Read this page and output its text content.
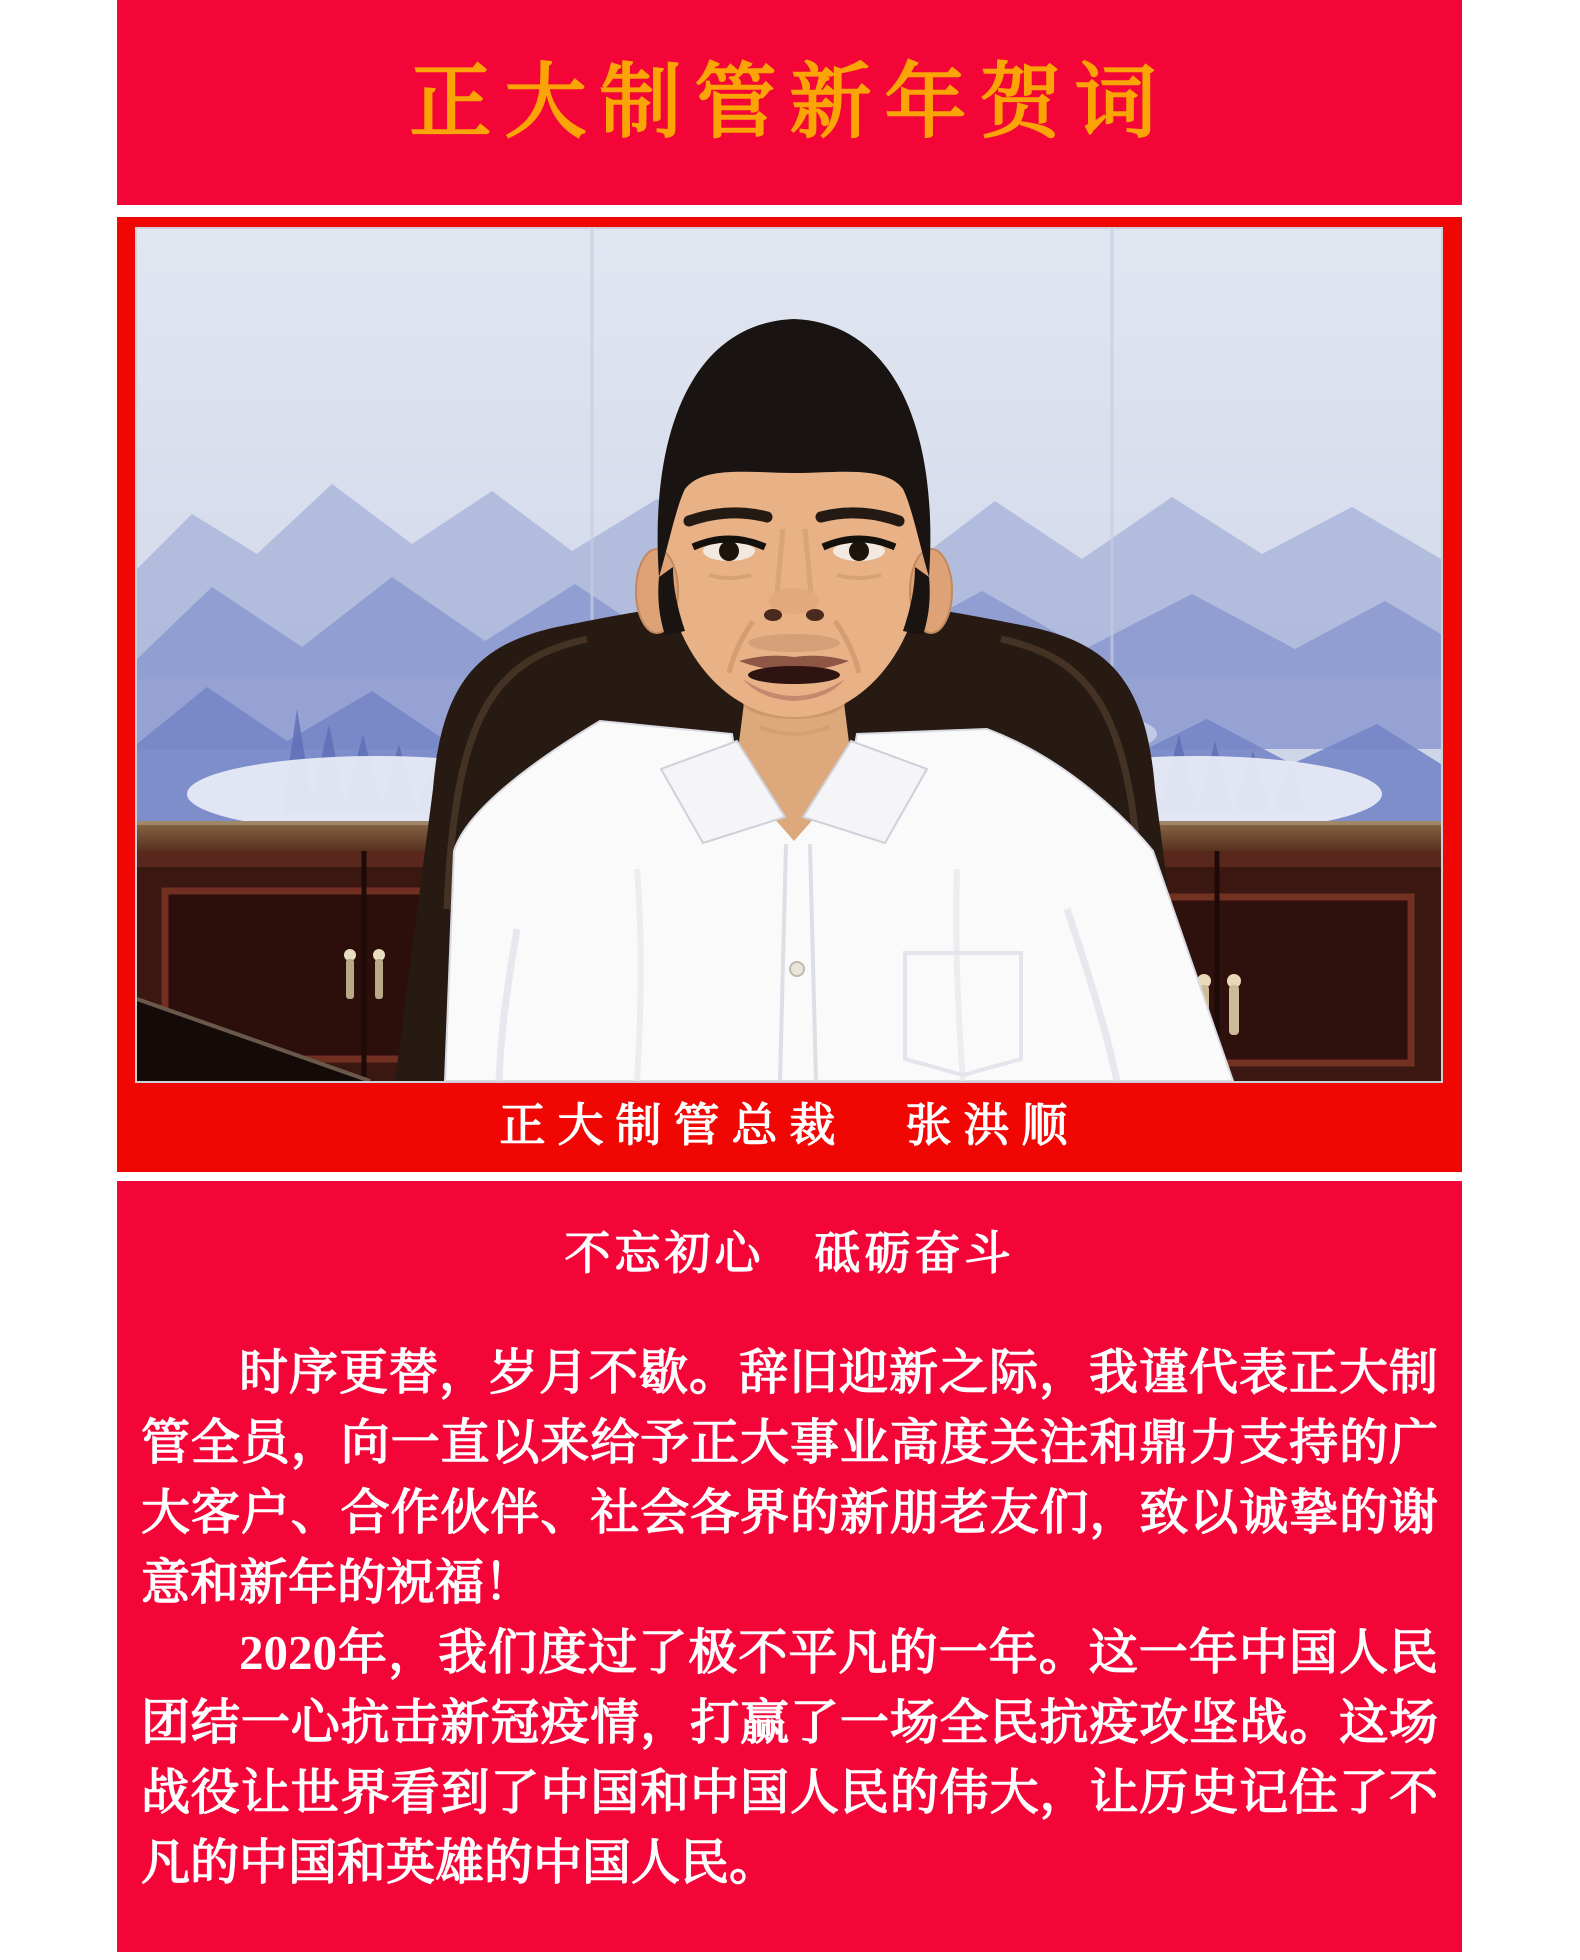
正大制管新年贺词
正大制管总裁　张洪顺
不忘初心　砥砺奋斗

时序更替，岁月不歇。辞旧迎新之际，我谨代表正大制管全员，向一直以来给予正大事业高度关注和鼎力支持的广大客户、合作伙伴、社会各界的新朋老友们，致以诚挚的谢意和新年的祝福！

2020年，我们度过了极不平凡的一年。这一年中国人民团结一心抗击新冠疫情，打赢了一场全民抗疫攻坚战。这场战役让世界看到了中国和中国人民的伟大，让历史记住了不凡的中国和英雄的中国人民。
